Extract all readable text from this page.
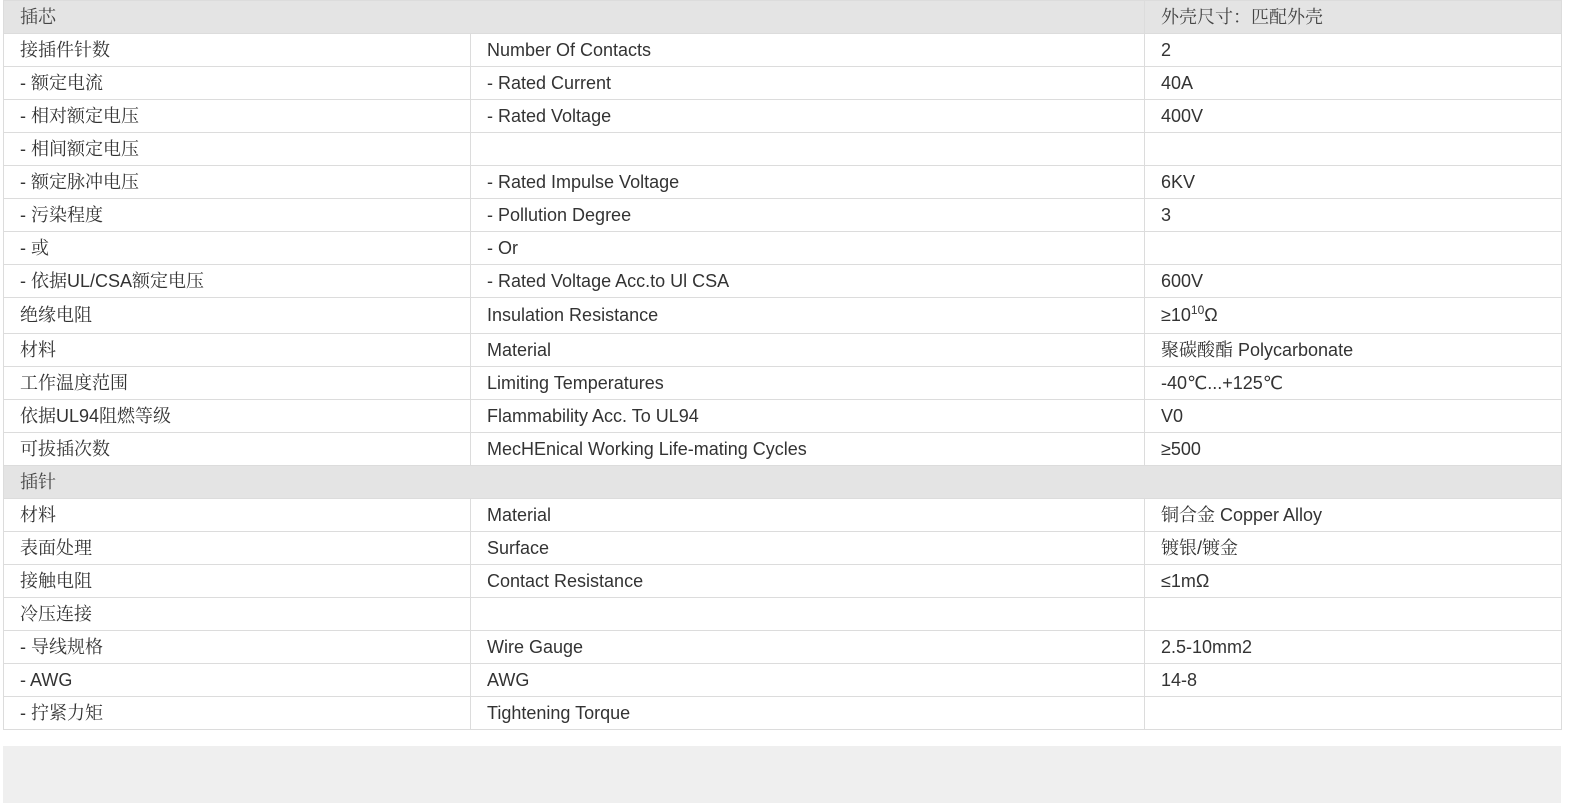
插芯		外壳尺寸：匹配外壳
接插件针数	Number Of Contacts	2
- 额定电流	- Rated Current	40A
- 相对额定电压	- Rated Voltage	400V
- 相间额定电压		
- 额定脉冲电压	- Rated Impulse Voltage	6KV
- 污染程度	- Pollution Degree	3
- 或	- Or	
- 依据UL/CSA额定电压	- Rated Voltage Acc.to Ul CSA	600V
绝缘电阻	Insulation Resistance	$\ge 10^{10}\Omega$
材料	Material	聚碳酸酯 Polycarbonate
工作温度范围	Limiting Temperatures	-40℃...+125℃
依据UL94阻燃等级	Flammability Acc. To UL94	V0
可拔插次数	MecHEnical Working Life-mating Cycles	≥500
插针		
材料	Material	铜合金 Copper Alloy
表面处理	Surface	镀银/镀金
接触电阻	Contact Resistance	≤1mΩ
冷压连接		
- 导线规格	Wire Gauge	2.5-10mm2
- AWG	AWG	14-8
- 拧紧力矩	Tightening Torque	
